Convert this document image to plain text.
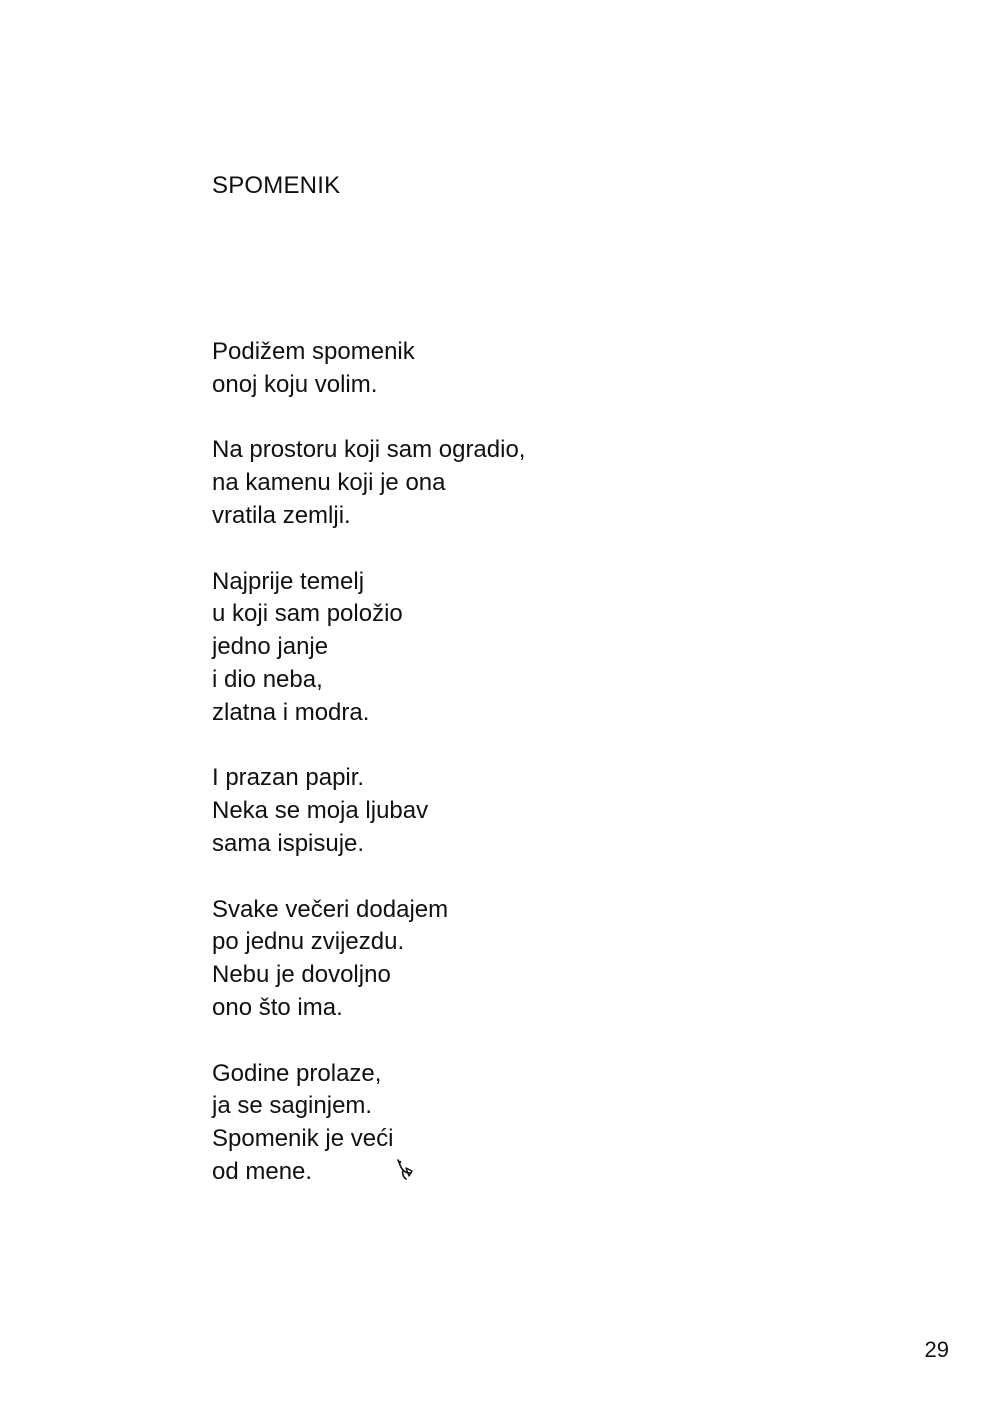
SPOMENIK

Podižem spomenik
onoj koju volim.

Na prostoru koji sam ogradio,
na kamenu koji je ona
vratila zemlji.

Najprije temelj
u koji sam položio
jedno janje
i dio neba,
zlatna i modra.

I prazan papir.
Neka se moja ljubav
sama ispisuje.

Svake večeri dodajem
po jednu zvijezdu.
Nebu je dovoljno
ono što ima.

Godine prolaze,
ja se saginjem.
Spomenik je veći
od mene.

29
